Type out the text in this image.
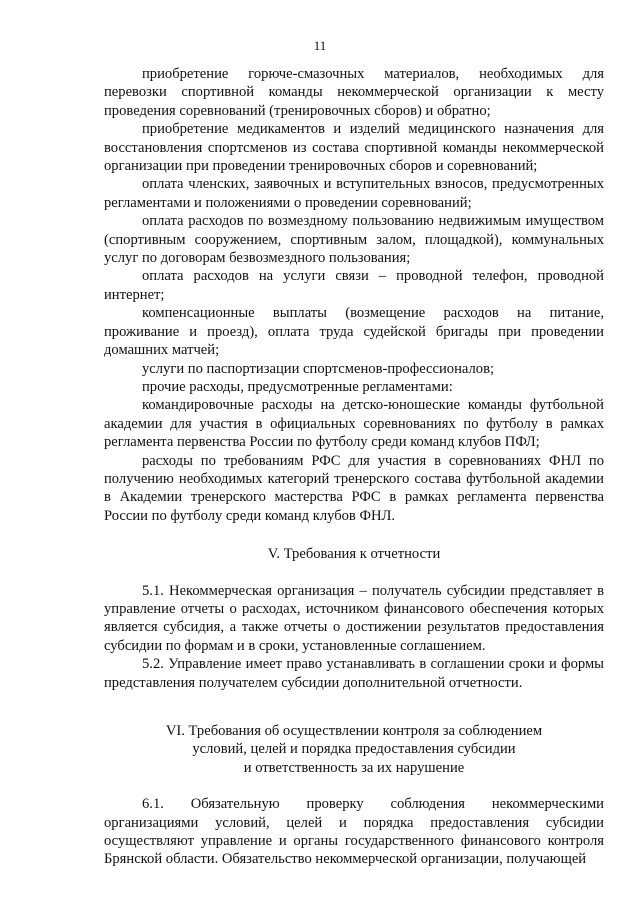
11

приобретение горюче-смазочных материалов, необходимых для перевозки спортивной команды некоммерческой организации к месту проведения соревнований (тренировочных сборов) и обратно;

приобретение медикаментов и изделий медицинского назначения для восстановления спортсменов из состава спортивной команды некоммерческой организации при проведении тренировочных сборов и соревнований;

оплата членских, заявочных и вступительных взносов, предусмотренных регламентами и положениями о проведении соревнований;

оплата расходов по возмездному пользованию недвижимым имуществом (спортивным сооружением, спортивным залом, площадкой), коммунальных услуг по договорам безвозмездного пользования;

оплата расходов на услуги связи – проводной телефон, проводной интернет;

компенсационные выплаты (возмещение расходов на питание, проживание и проезд), оплата труда судейской бригады при проведении домашних матчей;

услуги по паспортизации спортсменов-профессионалов;

прочие расходы, предусмотренные регламентами:

командировочные расходы на детско-юношеские команды футбольной академии для участия в официальных соревнованиях по футболу в рамках регламента первенства России по футболу среди команд клубов ПФЛ;

расходы по требованиям РФС для участия в соревнованиях ФНЛ по получению необходимых категорий тренерского состава футбольной академии в Академии тренерского мастерства РФС в рамках регламента первенства России по футболу среди команд клубов ФНЛ.

V. Требования к отчетности

5.1. Некоммерческая организация – получатель субсидии представляет в управление отчеты о расходах, источником финансового обеспечения которых является субсидия, а также отчеты о достижении результатов предоставления субсидии по формам и в сроки, установленные соглашением.

5.2. Управление имеет право устанавливать в соглашении сроки и формы представления получателем субсидии дополнительной отчетности.

VI. Требования об осуществлении контроля за соблюдением

условий, целей и порядка предоставления субсидии

и ответственность за их нарушение

6.1. Обязательную проверку соблюдения некоммерческими организациями условий, целей и порядка предоставления субсидии осуществляют управление и органы государственного финансового контроля Брянской области. Обязательство некоммерческой организации, получающей
